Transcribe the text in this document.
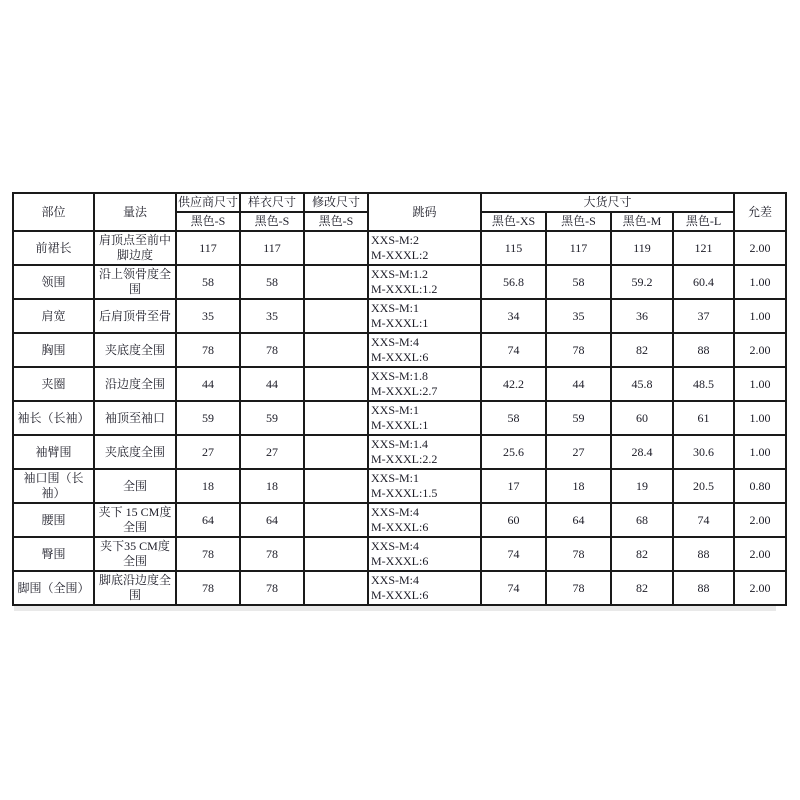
部位	量法	供应商尺寸	样衣尺寸	修改尺寸	跳码	大货尺寸				允差
		黑色-S	黑色-S	黑色-S		黑色-XS	黑色-S	黑色-M	黑色-L	
前裙长	肩顶点至前中脚边度	117	117		XXS-M:2
M-XXXL:2	115	117	119	121	2.00
领围	沿上领骨度全围	58	58		XXS-M:1.2
M-XXXL:1.2	56.8	58	59.2	60.4	1.00
肩宽	后肩顶骨至骨	35	35		XXS-M:1
M-XXXL:1	34	35	36	37	1.00
胸围	夹底度全围	78	78		XXS-M:4
M-XXXL:6	74	78	82	88	2.00
夹圈	沿边度全围	44	44		XXS-M:1.8
M-XXXL:2.7	42.2	44	45.8	48.5	1.00
袖长（长袖）	袖顶至袖口	59	59		XXS-M:1
M-XXXL:1	58	59	60	61	1.00
袖臂围	夹底度全围	27	27		XXS-M:1.4
M-XXXL:2.2	25.6	27	28.4	30.6	1.00
袖口围（长袖）	全围	18	18		XXS-M:1
M-XXXL:1.5	17	18	19	20.5	0.80
腰围	夹下 15 CM度全围	64	64		XXS-M:4
M-XXXL:6	60	64	68	74	2.00
臀围	夹下35 CM度全围	78	78		XXS-M:4
M-XXXL:6	74	78	82	88	2.00
脚围（全围）	脚底沿边度全围	78	78		XXS-M:4
M-XXXL:6	74	78	82	88	2.00
